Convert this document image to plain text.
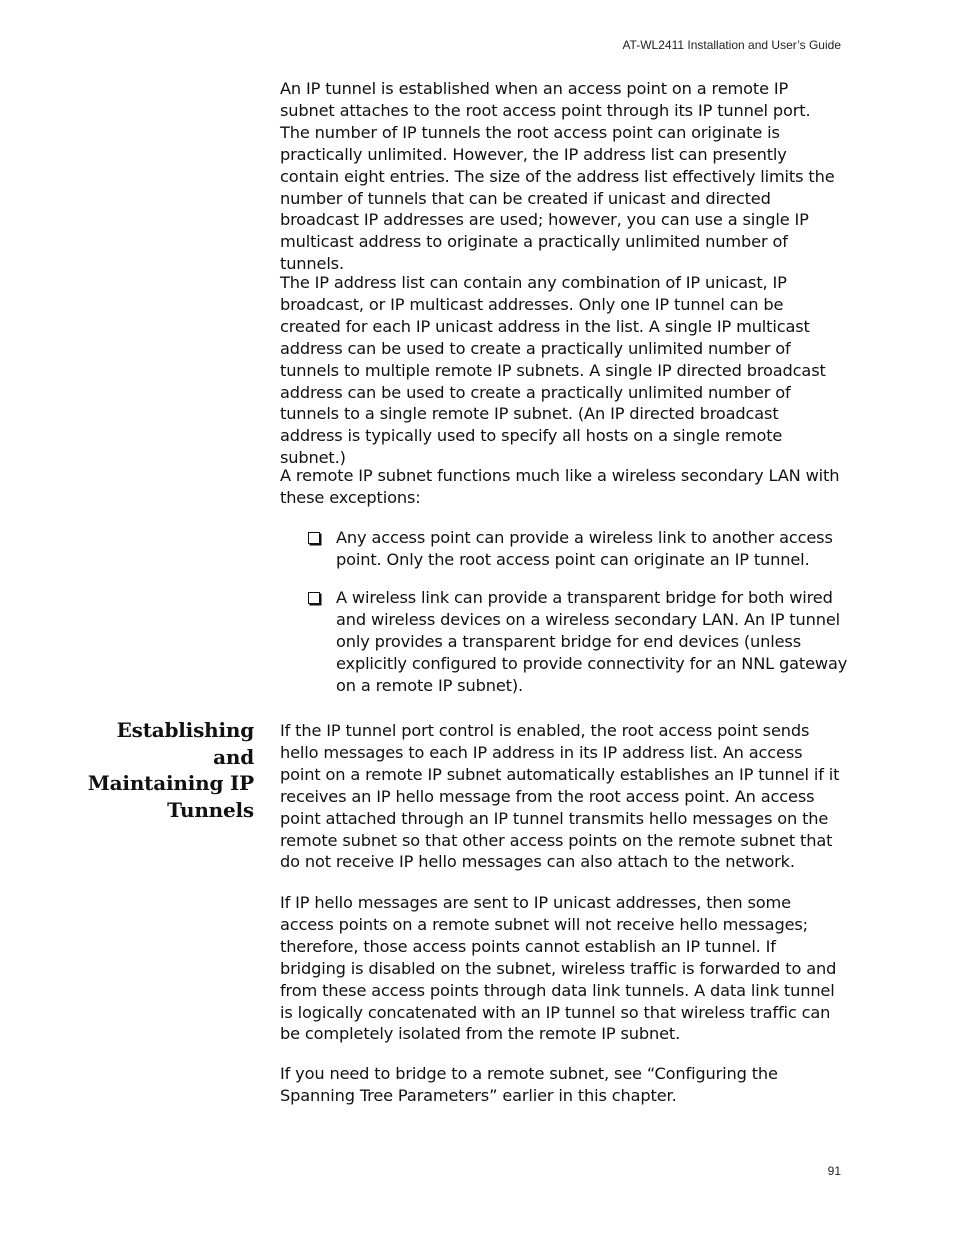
AT-WL2411 Installation and User’s Guide

An IP tunnel is established when an access point on a remote IP subnet attaches to the root access point through its IP tunnel port. The number of IP tunnels the root access point can originate is practically unlimited. However, the IP address list can presently contain eight entries. The size of the address list effectively limits the number of tunnels that can be created if unicast and directed broadcast IP addresses are used; however, you can use a single IP multicast address to originate a practically unlimited number of tunnels.

The IP address list can contain any combination of IP unicast, IP broadcast, or IP multicast addresses. Only one IP tunnel can be created for each IP unicast address in the list. A single IP multicast address can be used to create a practically unlimited number of tunnels to multiple remote IP subnets. A single IP directed broadcast address can be used to create a practically unlimited number of tunnels to a single remote IP subnet. (An IP directed broadcast address is typically used to specify all hosts on a single remote subnet.)

A remote IP subnet functions much like a wireless secondary LAN with these exceptions:

Any access point can provide a wireless link to another access point. Only the root access point can originate an IP tunnel.
A wireless link can provide a transparent bridge for both wired and wireless devices on a wireless secondary LAN. An IP tunnel only provides a transparent bridge for end devices (unless explicitly configured to provide connectivity for an NNL gateway on a remote IP subnet).
Establishing and Maintaining IP Tunnels

If the IP tunnel port control is enabled, the root access point sends hello messages to each IP address in its IP address list. An access point on a remote IP subnet automatically establishes an IP tunnel if it receives an IP hello message from the root access point. An access point attached through an IP tunnel transmits hello messages on the remote subnet so that other access points on the remote subnet that do not receive IP hello messages can also attach to the network.

If IP hello messages are sent to IP unicast addresses, then some access points on a remote subnet will not receive hello messages; therefore, those access points cannot establish an IP tunnel. If bridging is disabled on the subnet, wireless traffic is forwarded to and from these access points through data link tunnels. A data link tunnel is logically concatenated with an IP tunnel so that wireless traffic can be completely isolated from the remote IP subnet.

If you need to bridge to a remote subnet, see “Configuring the Spanning Tree Parameters” earlier in this chapter.

91
